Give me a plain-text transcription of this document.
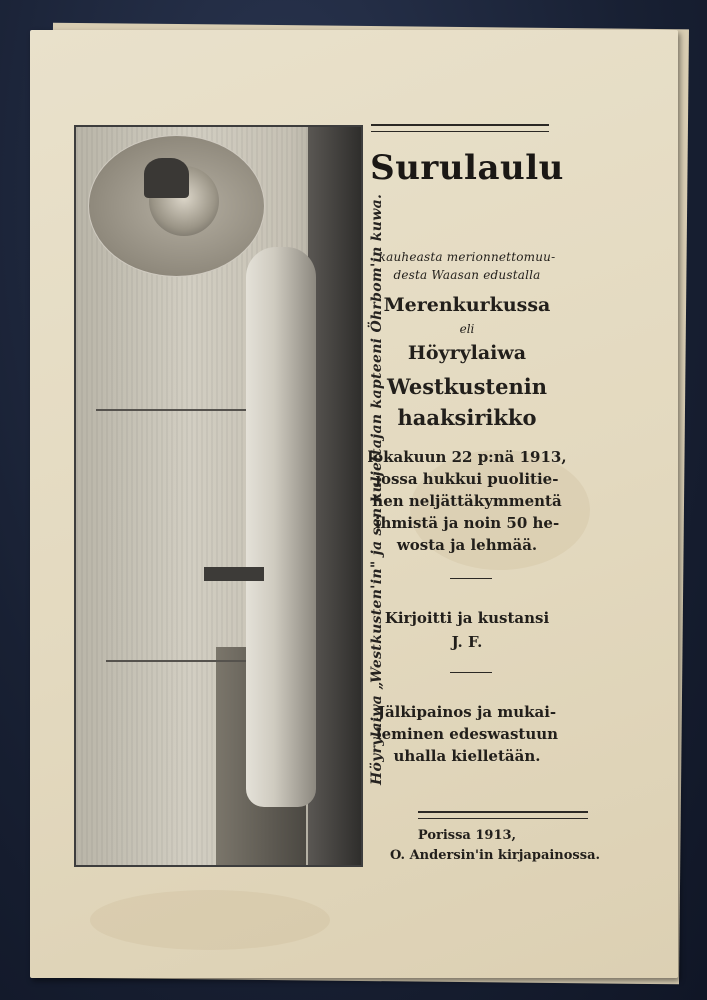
Höyrylaiwa „Westkusten'in" ja sen kuljettajan kapteeni Öhrbom'in kuwa.
Surulaulu
kauheasta merionnettomuu-
desta Waasan edustalla
Merenkurkussa
eli
Höyrylaiwa
Westkustenin
haaksirikko
lokakuun 22 p:nä 1913,
jossa hukkui puolitie-
hen neljättäkymmentä
ihmistä ja noin 50 he-
wosta ja lehmää.
Kirjoitti ja kustansi
J. F.
Jälkipainos ja mukai-
leminen edeswastuun
uhalla kielletään.
Porissa 1913,
O. Andersin'in kirjapainossa.
